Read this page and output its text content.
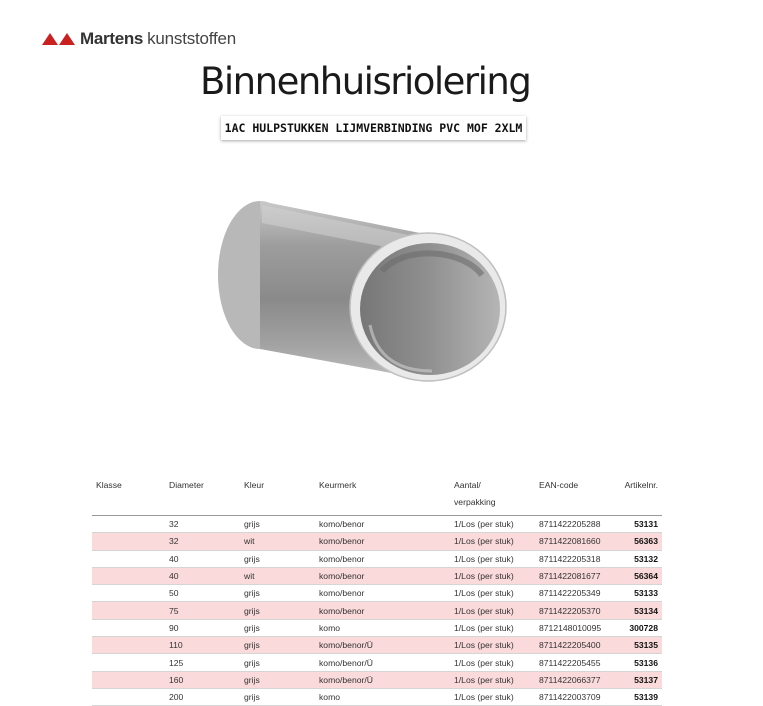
Martens kunststoffen
Binnenhuisriolering
1AC HULPSTUKKEN LIJMVERBINDING PVC MOF 2XLM
Klasse	Diameter	Kleur	Keurmerk	Aantal/
verpakking	EAN-code	Artikelnr.
	32	grijs	komo/benor	1/Los (per stuk)	8711422205288	53131
	32	wit	komo/benor	1/Los (per stuk)	8711422081660	56363
	40	grijs	komo/benor	1/Los (per stuk)	8711422205318	53132
	40	wit	komo/benor	1/Los (per stuk)	8711422081677	56364
	50	grijs	komo/benor	1/Los (per stuk)	8711422205349	53133
	75	grijs	komo/benor	1/Los (per stuk)	8711422205370	53134
	90	grijs	komo	1/Los (per stuk)	8712148010095	300728
	110	grijs	komo/benor/Ü	1/Los (per stuk)	8711422205400	53135
	125	grijs	komo/benor/Ü	1/Los (per stuk)	8711422205455	53136
	160	grijs	komo/benor/Ü	1/Los (per stuk)	8711422066377	53137
	200	grijs	komo	1/Los (per stuk)	8711422003709	53139
